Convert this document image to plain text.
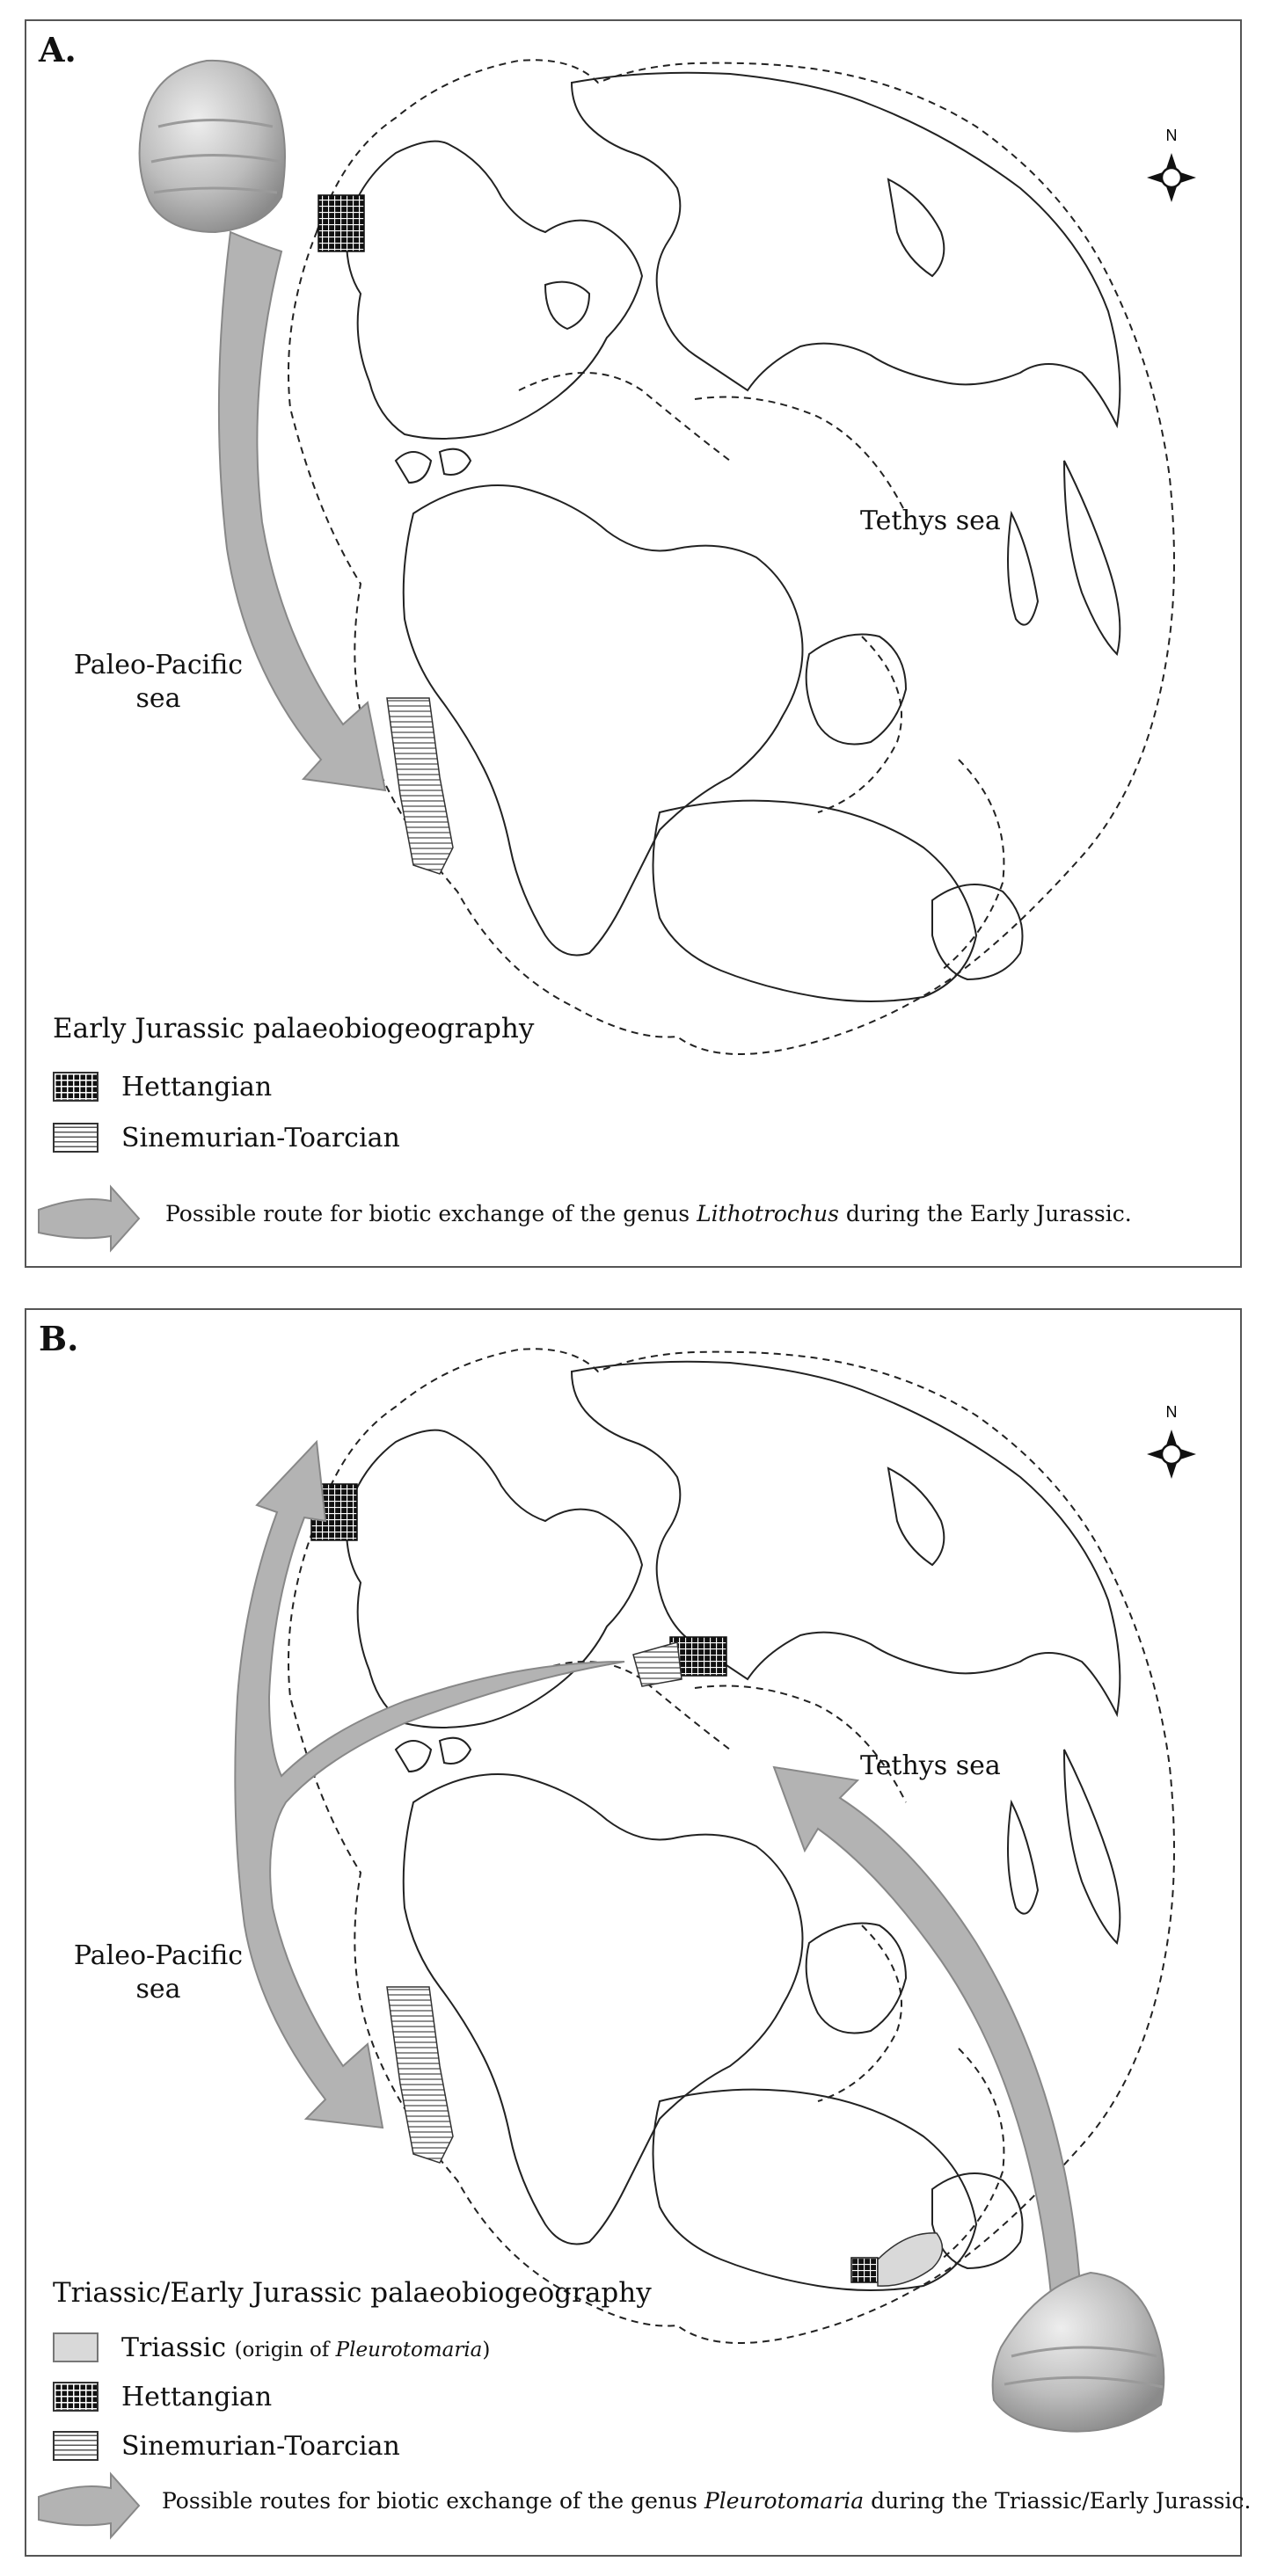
A.
N
Paleo-Pacific
sea
Tethys sea
Early Jurassic palaeobiogeography
Hettangian
Sinemurian-Toarcian
Possible route for biotic exchange of the genus Lithotrochus during the Early Jurassic.
B.
N
Paleo-Pacific
sea
Tethys sea
Triassic/Early Jurassic palaeobiogeography
Triassic (origin of Pleurotomaria)
Hettangian
Sinemurian-Toarcian
Possible routes for biotic exchange of the genus Pleurotomaria during the Triassic/Early Jurassic.
